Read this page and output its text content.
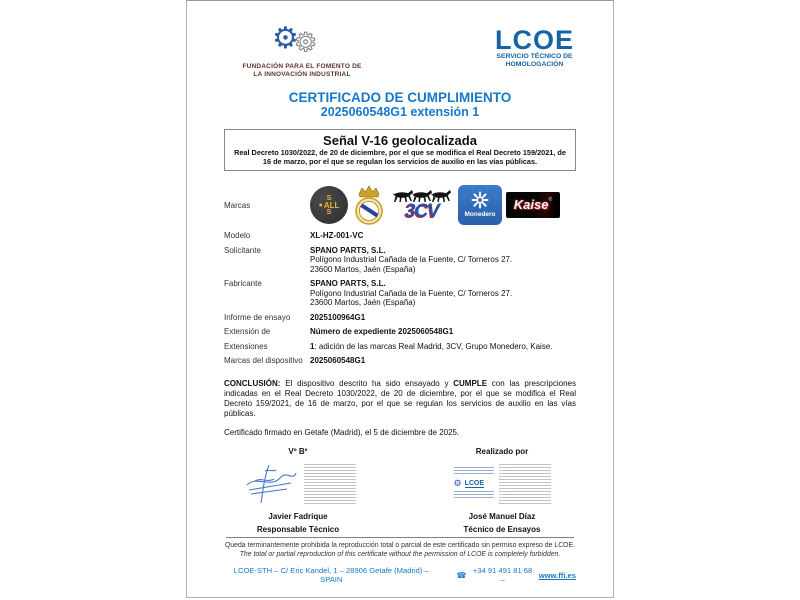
⚙
⚙
FUNDACIÓN PARA EL FOMENTO DE
LA INNOVACIÓN INDUSTRIAL
LCOE
SERVICIO TÉCNICO DE
HOMOLOGACIÓN
CERTIFICADO DE CUMPLIMIENTO
2025060548G1 extensión 1
Señal V-16 geolocalizada
Real Decreto 1030/2022, de 20 de diciembre, por el que se modifica el Real Decreto 159/2021, de 16 de marzo, por el que se regulan los servicios de auxilio en las vías públicas.
Marcas
S
● ALL
S	3CV	Monedero
Kaise ®
Modelo	XL-HZ-001-VC
Solicitante	SPANO PARTS, S.L.
Polígono Industrial Cañada de la Fuente, C/ Torneros 27.
23600 Martos, Jaén (España)
Fabricante	SPANO PARTS, S.L.
Polígono Industrial Cañada de la Fuente, C/ Torneros 27.
23600 Martos, Jaén (España)
Informe de ensayo	2025100964G1
Extensión de	Número de expediente 2025060548G1
Extensiones	1: adición de las marcas Real Madrid, 3CV, Grupo Monedero, Kaise.
Marcas del dispositivo 2025060548G1
CONCLUSIÓN: El dispositivo descrito ha sido ensayado y CUMPLE con las prescripciones indicadas en el Real Decreto 1030/2022, de 20 de diciembre, por el que se modifica el Real Decreto 159/2021, de 16 de marzo, por el que se regulan los servicios de auxilio en las vías públicas.
Certificado firmado en Getafe (Madrid), el 5 de diciembre de 2025.
Vº Bº
Javier Fadrique
Responsable Técnico
Realizado por
⚙ LCOE
José Manuel Díaz
Técnico de Ensayos
Queda terminantemente prohibida la reproducción total o parcial de este certificado sin permiso expreso de LCOE.
The total or partial reproduction of this certificate without the permission of LCOE is completely forbidden.
LCOE-STH – C/ Eric Kandel, 1 – 28906 Getafe (Madrid) – SPAIN	☎ +34 91 491 81 68 –	www.ffi.es
